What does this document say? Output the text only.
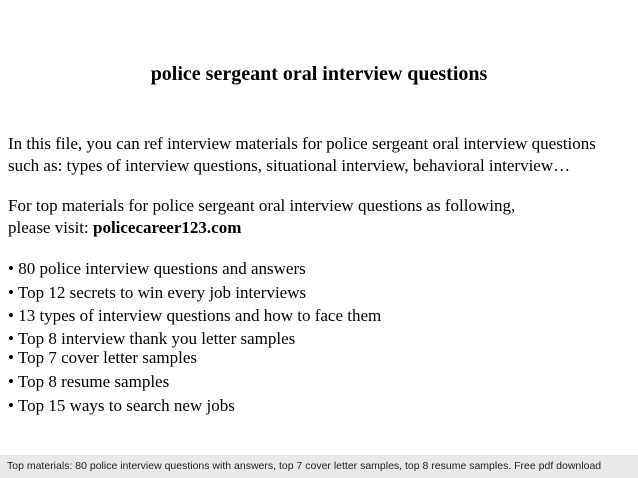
police sergeant oral interview questions
In this file, you can ref interview materials for police sergeant oral interview questions
such as: types of interview questions, situational interview, behavioral interview…
For top materials for police sergeant oral interview questions as following,
please visit: policecareer123.com
• 80 police interview questions and answers
• Top 12 secrets to win every job interviews
• 13 types of interview questions and how to face them
• Top 8 interview thank you letter samples
• Top 7 cover letter samples
• Top 8 resume samples
• Top 15 ways to search new jobs
Top materials: 80 police interview questions with answers, top 7 cover letter samples, top 8 resume samples. Free pdf download
